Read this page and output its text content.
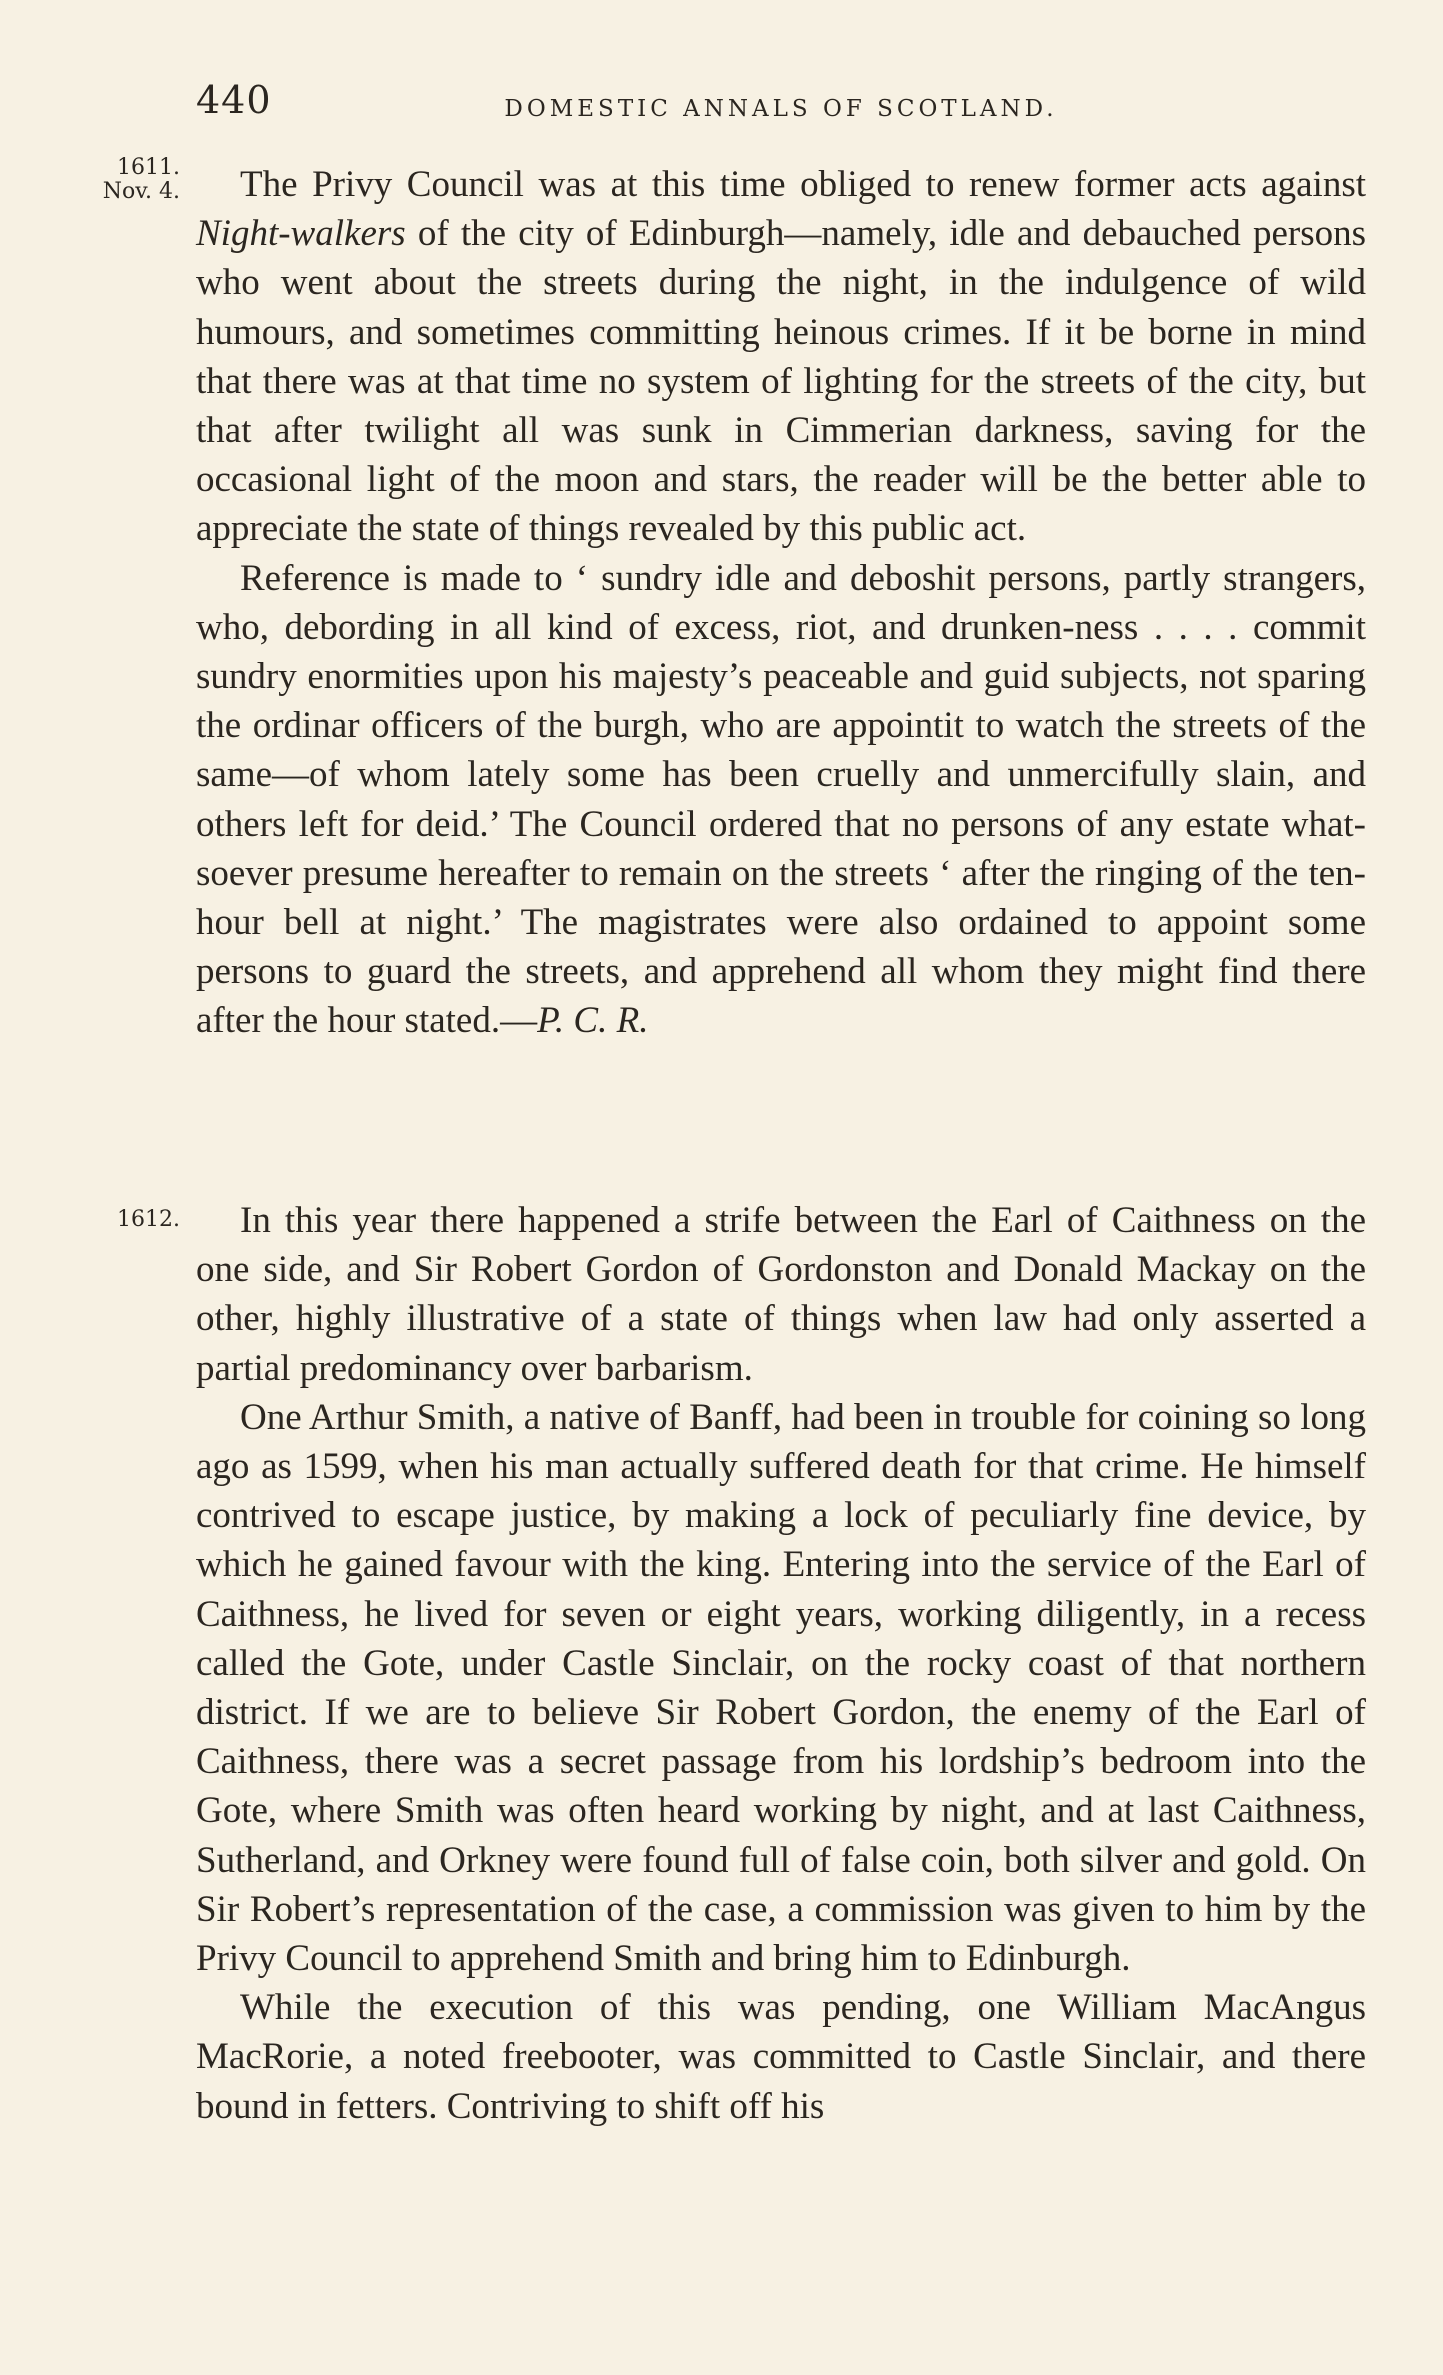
440	DOMESTIC ANNALS OF SCOTLAND.
1611.
Nov. 4.
1612.

The Privy Council was at this time obliged to renew former acts against Night-walkers of the city of Edinburgh—namely, idle and debauched persons who went about the streets during the night, in the indulgence of wild humours, and sometimes committing heinous crimes. If it be borne in mind that there was at that time no system of lighting for the streets of the city, but that after twilight all was sunk in Cimmerian darkness, saving for the occasional light of the moon and stars, the reader will be the better able to appreciate the state of things revealed by this public act.

Reference is made to ‘ sundry idle and deboshit persons, partly strangers, who, debording in all kind of excess, riot, and drunken-ness . . . . commit sundry enormities upon his majesty’s peaceable and guid subjects, not sparing the ordinar officers of the burgh, who are appointit to watch the streets of the same—of whom lately some has been cruelly and unmercifully slain, and others left for deid.’ The Council ordered that no persons of any estate what-soever presume hereafter to remain on the streets ‘ after the ringing of the ten-hour bell at night.’ The magistrates were also ordained to appoint some persons to guard the streets, and apprehend all whom they might find there after the hour stated.—P. C. R.

In this year there happened a strife between the Earl of Caithness on the one side, and Sir Robert Gordon of Gordonston and Donald Mackay on the other, highly illustrative of a state of things when law had only asserted a partial predominancy over barbarism.

One Arthur Smith, a native of Banff, had been in trouble for coining so long ago as 1599, when his man actually suffered death for that crime. He himself contrived to escape justice, by making a lock of peculiarly fine device, by which he gained favour with the king. Entering into the service of the Earl of Caithness, he lived for seven or eight years, working diligently, in a recess called the Gote, under Castle Sinclair, on the rocky coast of that northern district. If we are to believe Sir Robert Gordon, the enemy of the Earl of Caithness, there was a secret passage from his lordship’s bedroom into the Gote, where Smith was often heard working by night, and at last Caithness, Sutherland, and Orkney were found full of false coin, both silver and gold. On Sir Robert’s representation of the case, a commission was given to him by the Privy Council to apprehend Smith and bring him to Edinburgh.

While the execution of this was pending, one William MacAngus MacRorie, a noted freebooter, was committed to Castle Sinclair, and there bound in fetters. Contriving to shift off his
